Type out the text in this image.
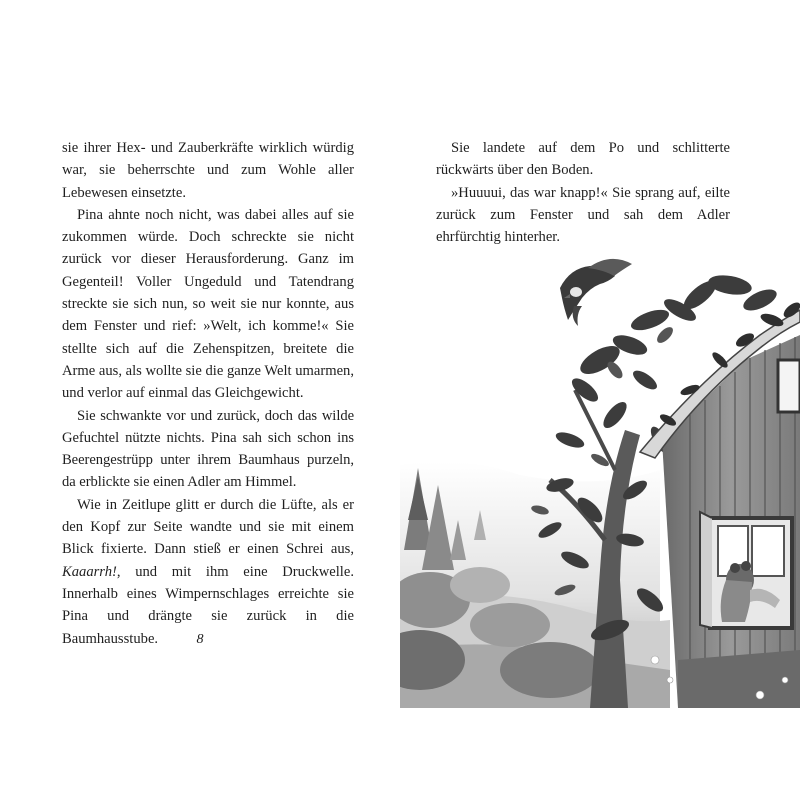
sie ihrer Hex- und Zauberkräfte wirklich würdig war, sie beherrschte und zum Wohle aller Lebewesen einsetzte.

Pina ahnte noch nicht, was dabei alles auf sie zukommen würde. Doch schreckte sie nicht zurück vor dieser Herausforderung. Ganz im Gegenteil! Voller Ungeduld und Tatendrang streckte sie sich nun, so weit sie nur konnte, aus dem Fenster und rief: »Welt, ich komme!« Sie stellte sich auf die Zehenspitzen, breitete die Arme aus, als wollte sie die ganze Welt umarmen, und verlor auf einmal das Gleichgewicht.

Sie schwankte vor und zurück, doch das wilde Gefuchtel nützte nichts. Pina sah sich schon ins Beerengestrüpp unter ihrem Baumhaus purzeln, da erblickte sie einen Adler am Himmel.

Wie in Zeitlupe glitt er durch die Lüfte, als er den Kopf zur Seite wandte und sie mit einem Blick fixierte. Dann stieß er einen Schrei aus, Kaaarrh!, und mit ihm eine Druckwelle. Innerhalb eines Wimpernschlages erreichte sie Pina und drängte sie zurück in die Baumhausstube.	8

Sie landete auf dem Po und schlitterte rückwärts über den Boden.

»Huuuui, das war knapp!« Sie sprang auf, eilte zurück zum Fenster und sah dem Adler ehrfürchtig hinterher.
